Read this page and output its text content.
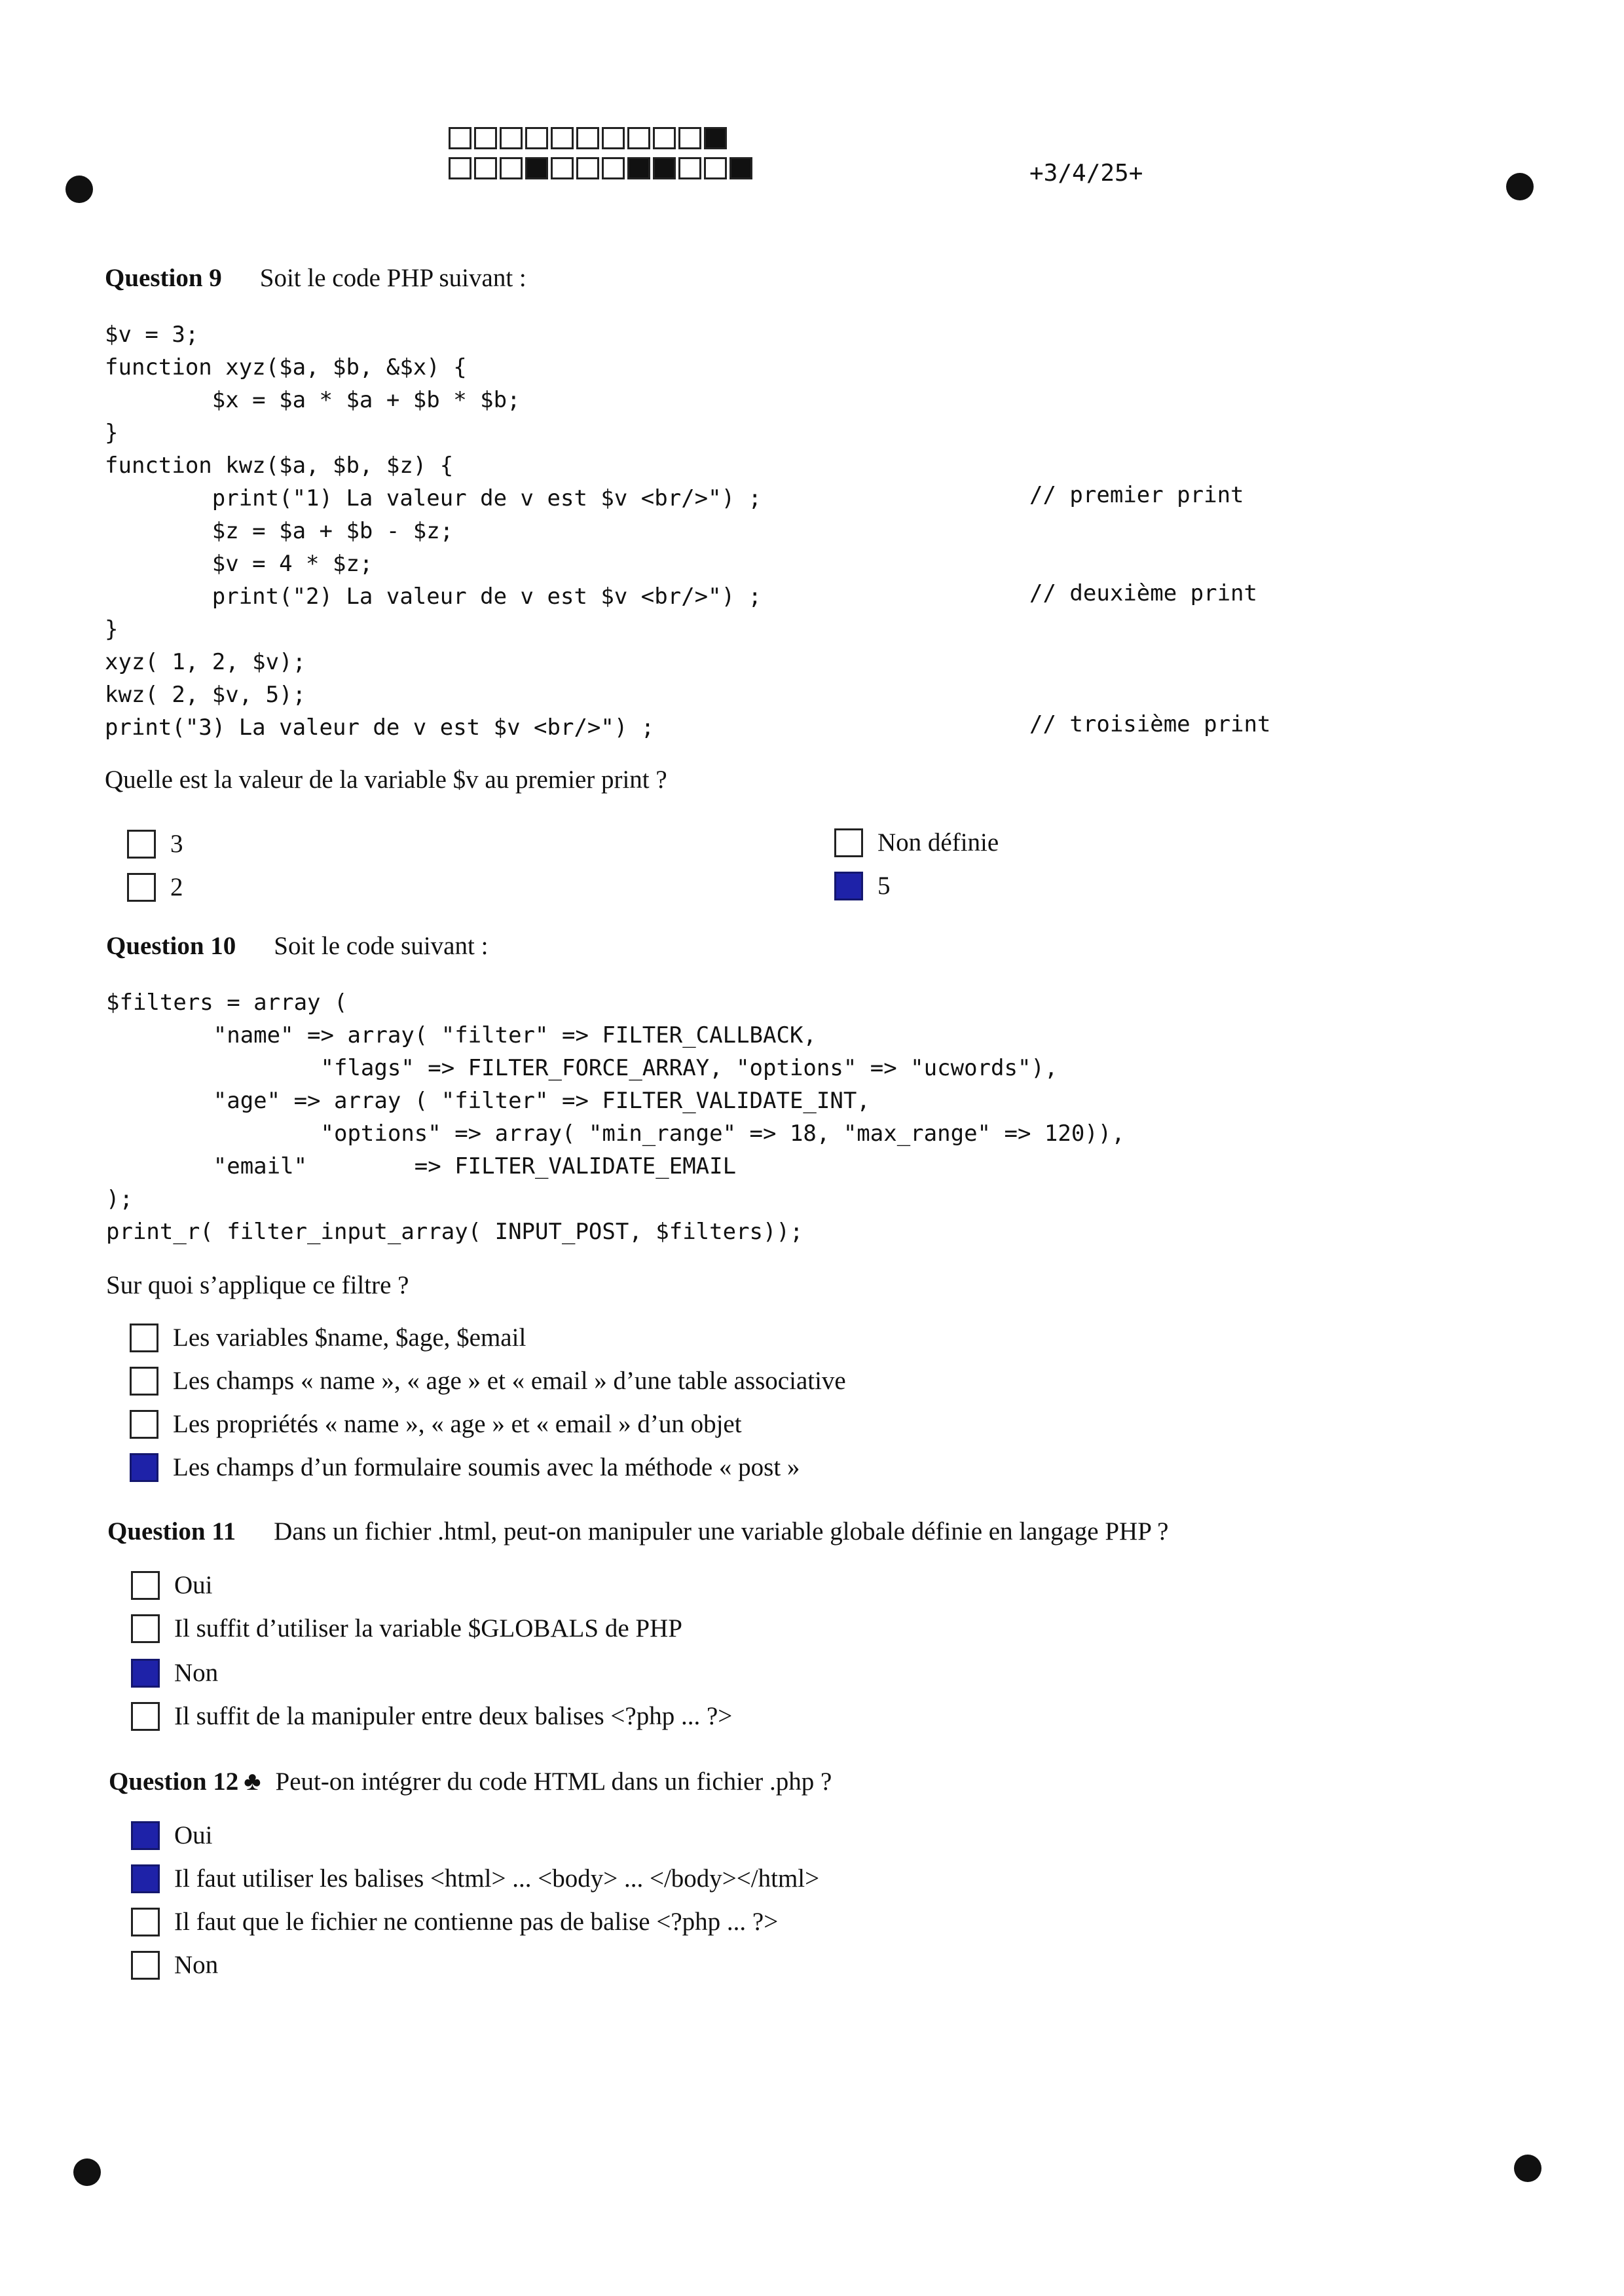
+3/4/25+
Question 9 Soit le code PHP suivant :
$v = 3;
function xyz($a, $b, &$x) {
$x = $a * $a + $b * $b;
}
function kwz($a, $b, $z) {
print("1) La valeur de v est $v <br/>") ;
$z = $a + $b - $z;
$v = 4 * $z;
print("2) La valeur de v est $v <br/>") ;
}
xyz( 1, 2, $v);
kwz( 2, $v, 5);
print("3) La valeur de v est $v <br/>") ;
// premier print
// deuxième print
// troisième print
Quelle est la valeur de la variable $v au premier print ?
3
2
Non définie
5
Question 10 Soit le code suivant :
$filters = array (
"name" => array( "filter" => FILTER_CALLBACK,
"flags" => FILTER_FORCE_ARRAY, "options" => "ucwords"),
"age" => array ( "filter" => FILTER_VALIDATE_INT,
"options" => array( "min_range" => 18, "max_range" => 120)),
"email"        => FILTER_VALIDATE_EMAIL
);
print_r( filter_input_array( INPUT_POST, $filters));
Sur quoi s’applique ce filtre ?
Les variables $name, $age, $email
Les champs « name », « age » et « email » d’une table associative
Les propriétés « name », « age » et « email » d’un objet
Les champs d’un formulaire soumis avec la méthode « post »
Question 11 Dans un fichier .html, peut-on manipuler une variable globale définie en langage PHP ?
Oui
Il suffit d’utiliser la variable $GLOBALS de PHP
Non
Il suffit de la manipuler entre deux balises <?php ... ?>
Question 12 ♣ Peut-on intégrer du code HTML dans un fichier .php ?
Oui
Il faut utiliser les balises <html> ... <body> ... </body></html>
Il faut que le fichier ne contienne pas de balise <?php ... ?>
Non
